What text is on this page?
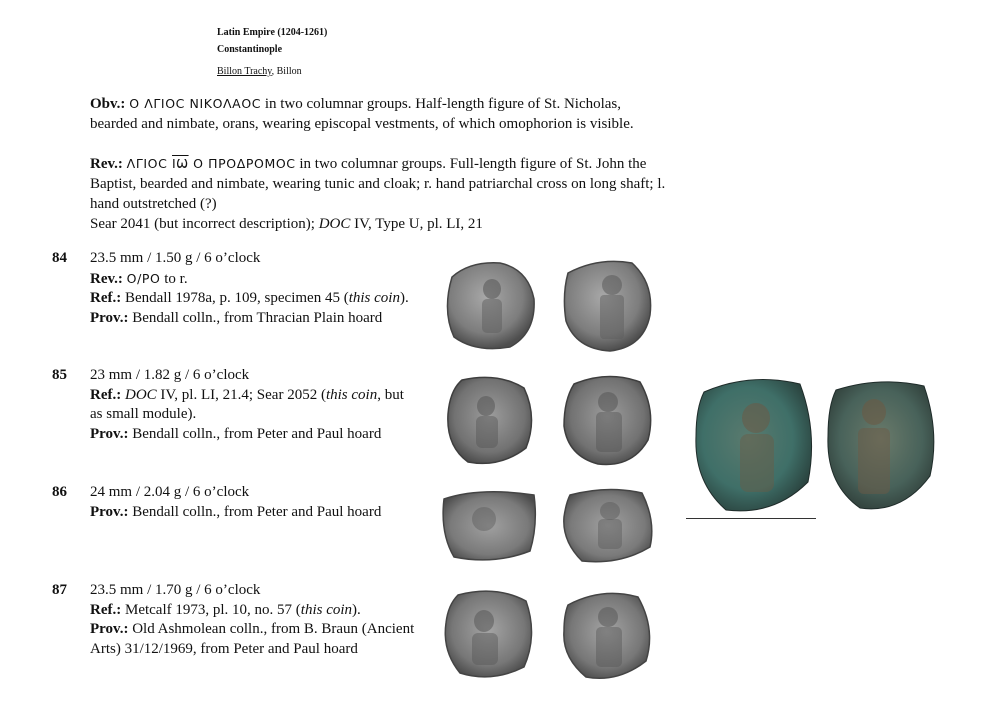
Latin Empire (1204-1261)
Constantinople
Billon Trachy, Billon
Obv.: Ο ΛΓΙΟC ΝΙΚΟΛΑΟC in two columnar groups. Half-length figure of St. Nicholas, bearded and nimbate, orans, wearing episcopal vestments, of which omophorion is visible.
Rev.: ΛΓΙΟC IѠ Ο ΠΡΟΔΡΟΜΟC in two columnar groups. Full-length figure of St. John the Baptist, bearded and nimbate, wearing tunic and cloak; r. hand patriarchal cross on long shaft; l. hand outstretched (?)
Sear 2041 (but incorrect description); DOC IV, Type U, pl. LI, 21
84 23.5 mm / 1.50 g / 6 o’clock
Rev.: O/PO to r.
Ref.: Bendall 1978a, p. 109, specimen 45 (this coin).
Prov.: Bendall colln., from Thracian Plain hoard
85 23 mm / 1.82 g / 6 o’clock
Ref.: DOC IV, pl. LI, 21.4; Sear 2052 (this coin, but as small module).
Prov.: Bendall colln., from Peter and Paul hoard
86 24 mm / 2.04 g / 6 o’clock
Prov.: Bendall colln., from Peter and Paul hoard
87 23.5 mm / 1.70 g / 6 o’clock
Ref.: Metcalf 1973, pl. 10, no. 57 (this coin).
Prov.: Old Ashmolean colln., from B. Braun (Ancient Arts) 31/12/1969, from Peter and Paul hoard
